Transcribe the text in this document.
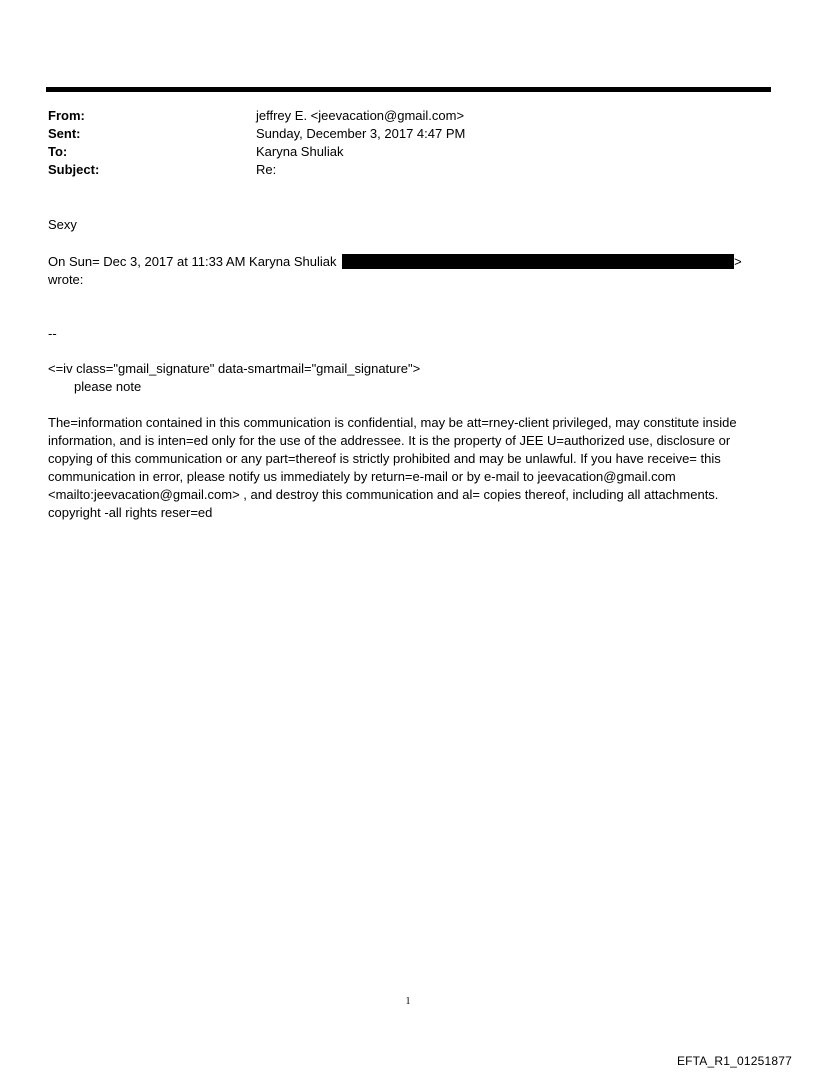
From:	jeffrey E. <jeevacation@gmail.com>
Sent:	Sunday, December 3, 2017 4:47 PM
To:	Karyna Shuliak
Subject:	Re:
Sexy
On Sun= Dec 3, 2017 at 11:33 AM Karyna Shuliak	>
wrote:
--
<=iv class="gmail_signature" data-smartmail="gmail_signature">
please note
The=information contained in this communication is confidential, may be att=rney-client privileged, may constitute inside information, and is inten=ed only for the use of the addressee. It is the property of JEE U=authorized use, disclosure or copying of this communication or any part=thereof is strictly prohibited and may be unlawful. If you have receive= this communication in error, please notify us immediately by return=e-mail or by e-mail to jeevacation@gmail.com <mailto:jeevacation@gmail.com> , and destroy this communication and al= copies thereof, including all attachments. copyright -all rights reser=ed
1
EFTA_R1_01251877
